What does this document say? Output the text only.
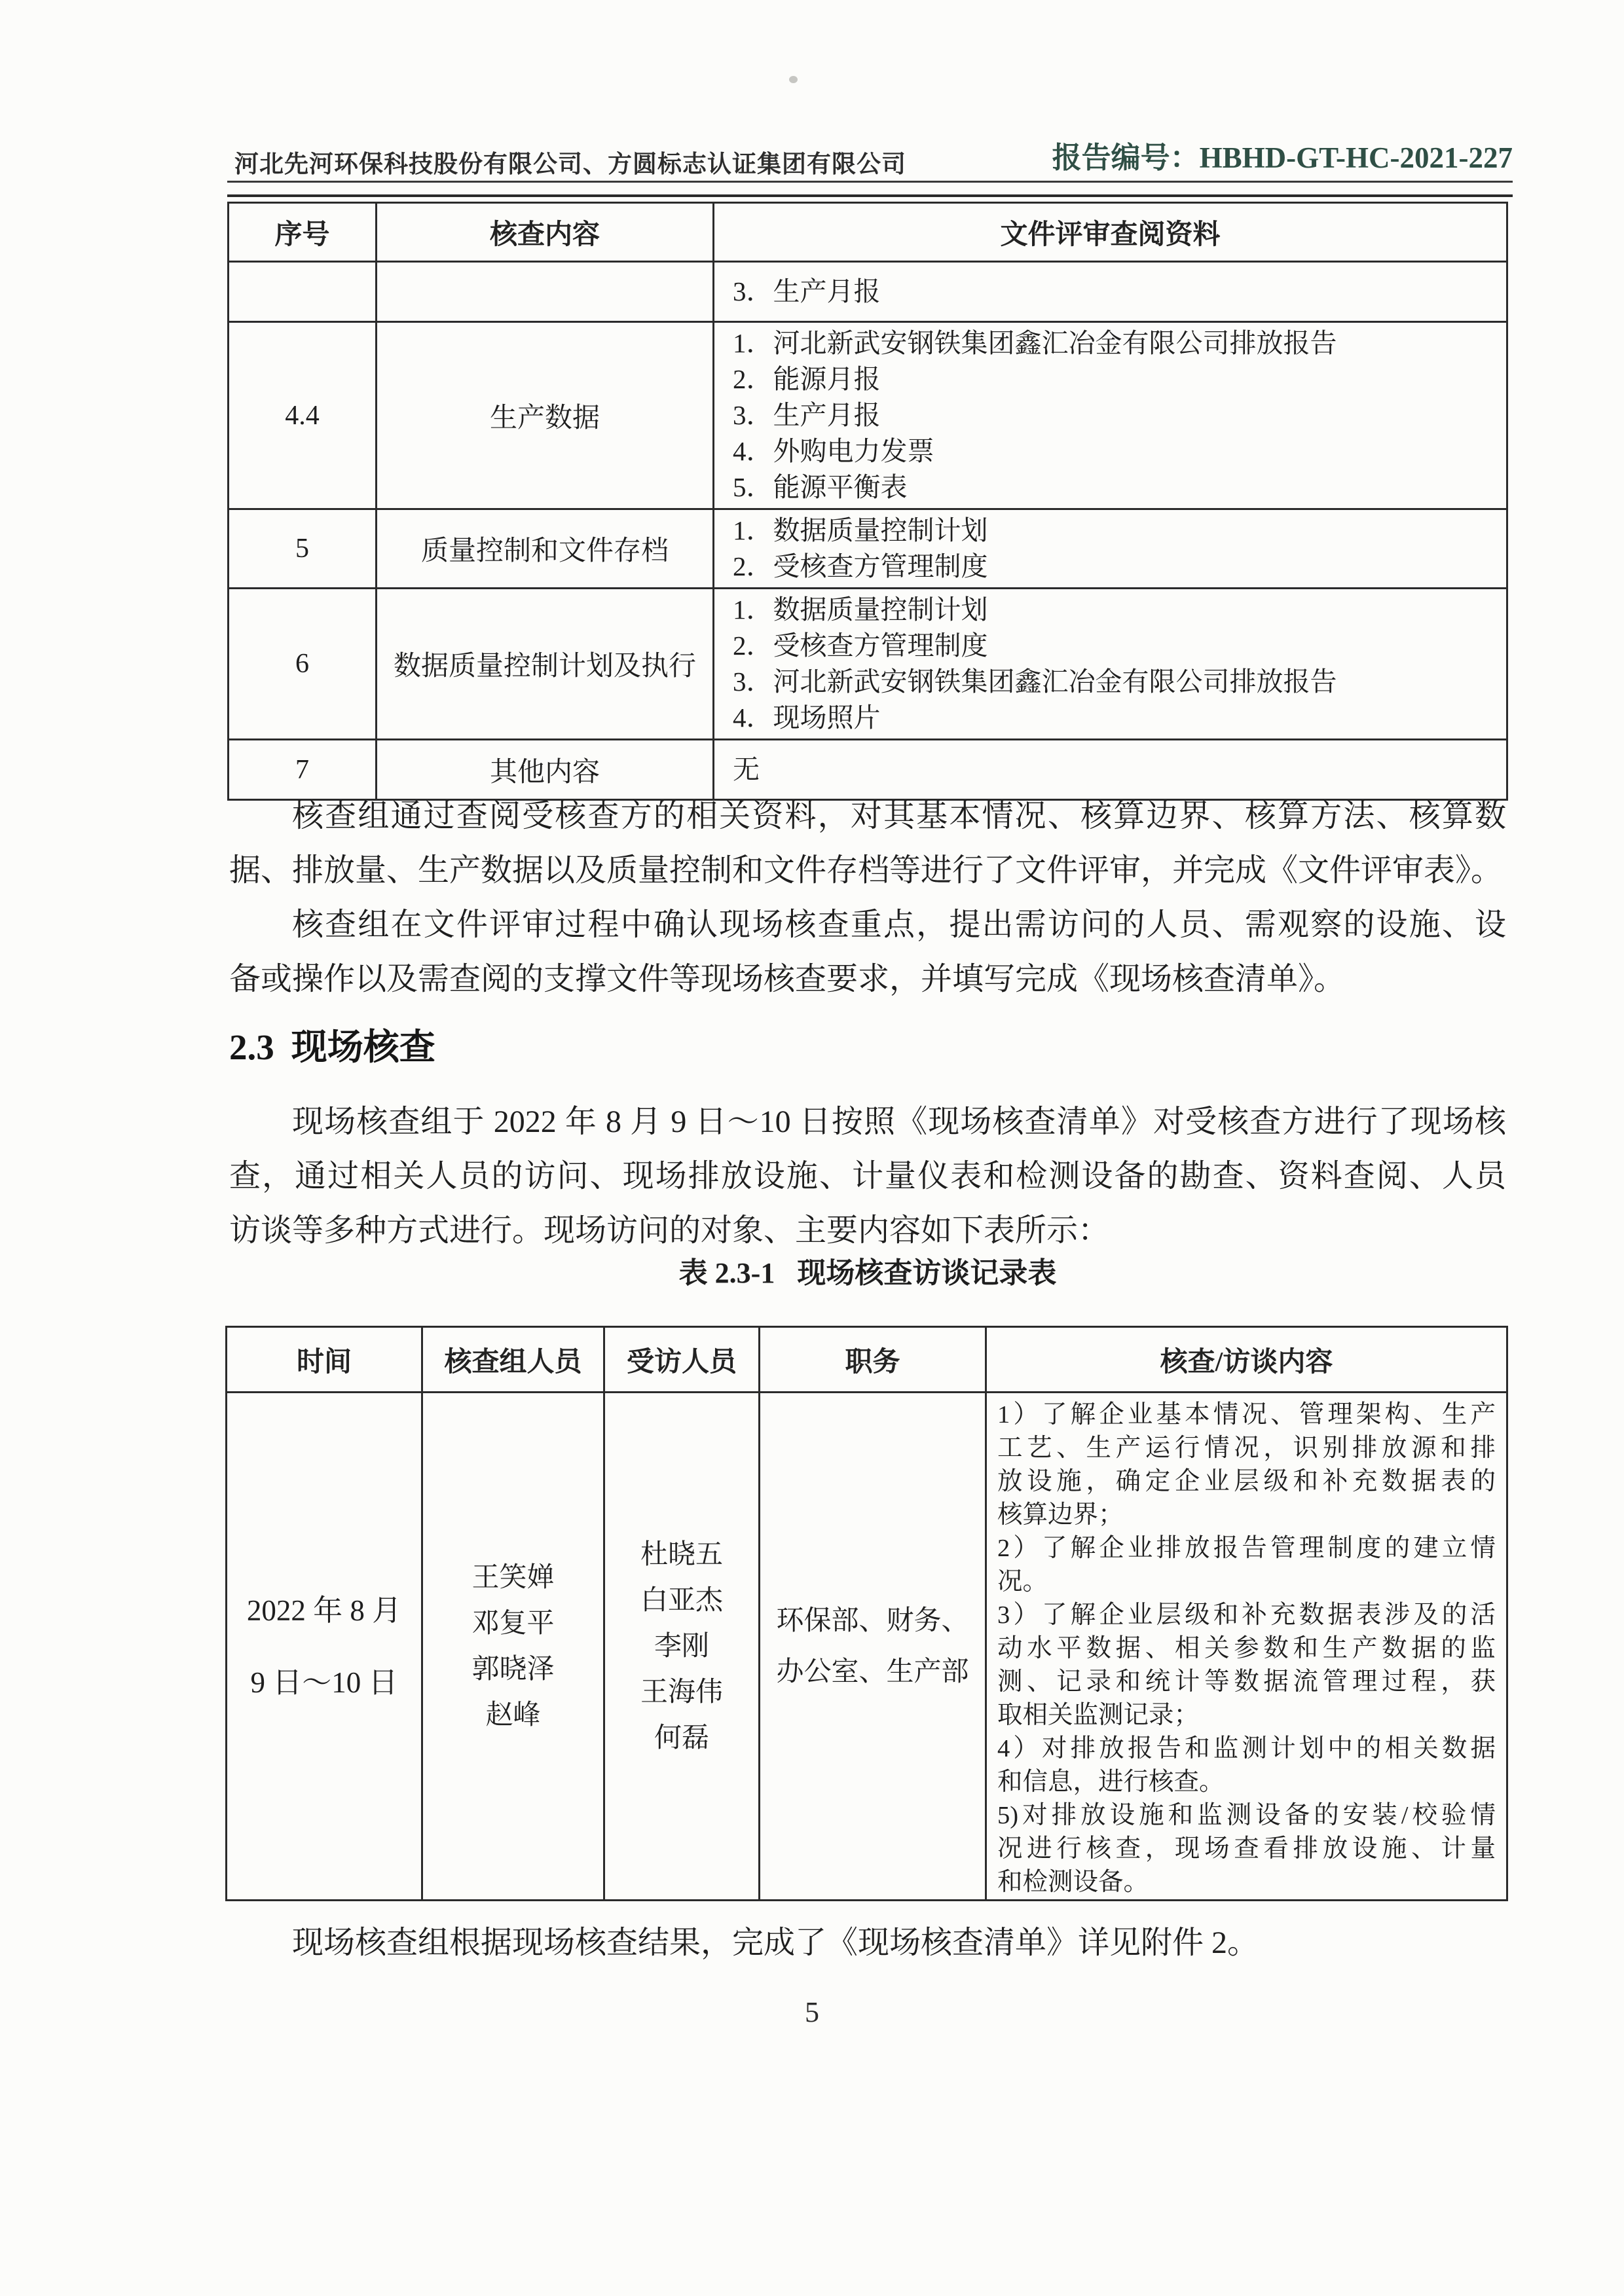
河北先河环保科技股份有限公司、方圆标志认证集团有限公司	报告编号：HBHD-GT-HC-2021-227
序号	核查内容	文件评审查阅资料

		3．生产月报

4.4	生产数据	1．河北新武安钢铁集团鑫汇冶金有限公司排放报告
2．能源月报
3．生产月报
4．外购电力发票
5．能源平衡表

5	质量控制和文件存档	1．数据质量控制计划
2．受核查方管理制度

6	数据质量控制计划及执行	1．数据质量控制计划
2．受核查方管理制度
3．河北新武安钢铁集团鑫汇冶金有限公司排放报告
4．现场照片

7	其他内容	无
核查组通过查阅受核查方的相关资料，对其基本情况、核算边界、核算方法、核算数
据、排放量、生产数据以及质量控制和文件存档等进行了文件评审，并完成《文件评审表》。
核查组在文件评审过程中确认现场核查重点，提出需访问的人员、需观察的设施、设
备或操作以及需查阅的支撑文件等现场核查要求，并填写完成《现场核查清单》。
2.3 现场核查
现场核查组于 2022 年 8 月 9 日～10 日按照《现场核查清单》对受核查方进行了现场核
查，通过相关人员的访问、现场排放设施、计量仪表和检测设备的勘查、资料查阅、人员
访谈等多种方式进行。现场访问的对象、主要内容如下表所示：
表 2.3-1 现场核查访谈记录表
时间	核查组人员	受访人员	职务	核查/访谈内容

2022 年 8 月
9 日～10 日

王笑婵
邓复平
郭晓泽
赵峰

杜晓五
白亚杰
李刚
王海伟
何磊

环保部、财务、
办公室、生产部

1）了解企业基本情况、管理架构、生产
工艺、生产运行情况，识别排放源和排
放设施，确定企业层级和补充数据表的
核算边界；
2）了解企业排放报告管理制度的建立情
况。
3）了解企业层级和补充数据表涉及的活
动水平数据、相关参数和生产数据的监
测、记录和统计等数据流管理过程，获
取相关监测记录；
4）对排放报告和监测计划中的相关数据
和信息，进行核查。
5)对排放设施和监测设备的安装/校验情
况进行核查，现场查看排放设施、计量
和检测设备。
现场核查组根据现场核查结果，完成了《现场核查清单》详见附件 2。
5
